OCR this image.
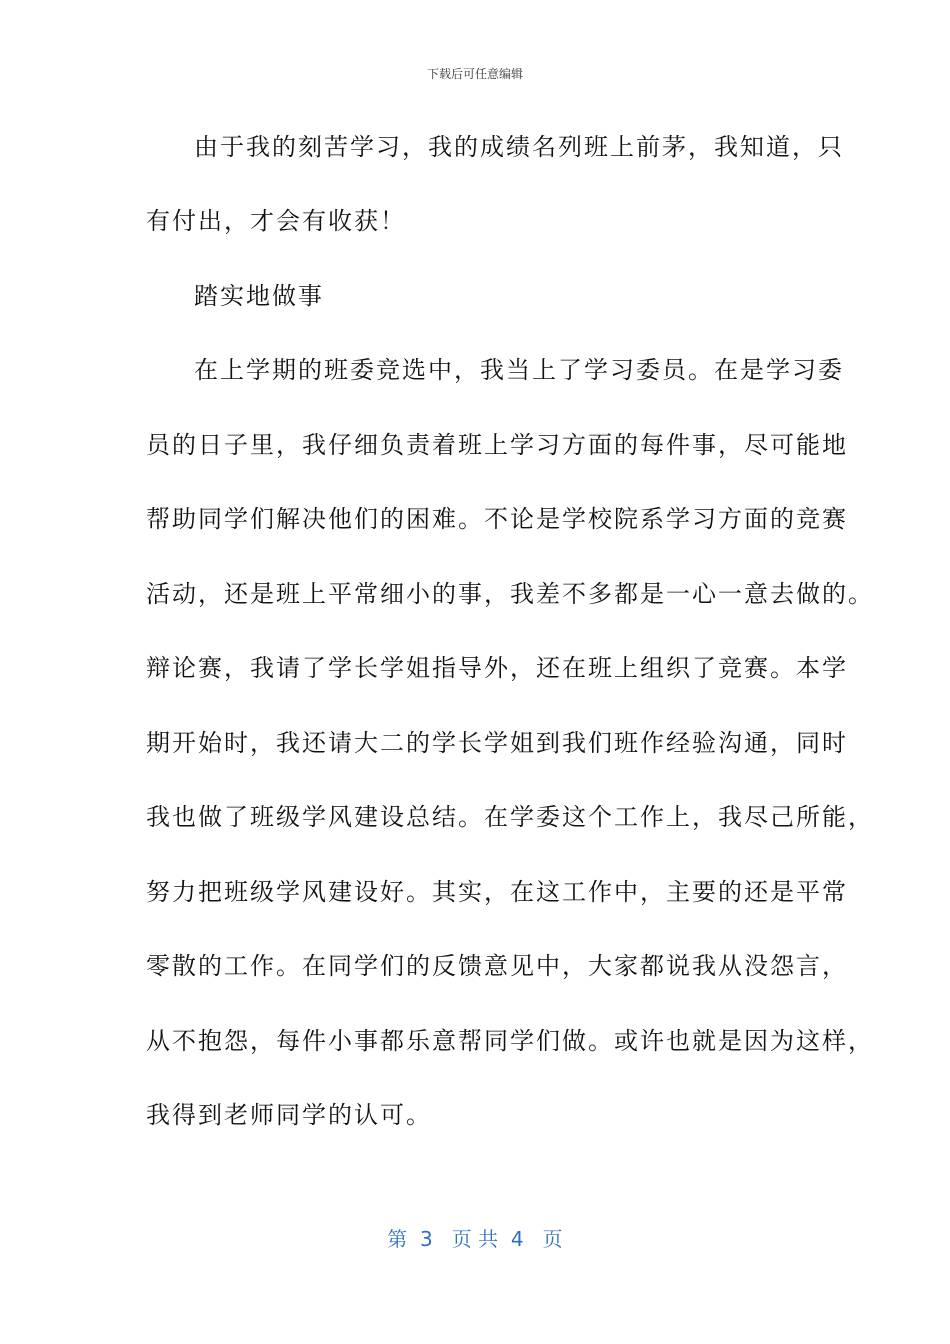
下载后可任意编辑
由于我的刻苦学习，我的成绩名列班上前茅，我知道，只
有付出，才会有收获！
踏实地做事
在上学期的班委竞选中，我当上了学习委员。在是学习委
员的日子里，我仔细负责着班上学习方面的每件事，尽可能地
帮助同学们解决他们的困难。不论是学校院系学习方面的竞赛
活动，还是班上平常细小的事，我差不多都是一心一意去做的。
辩论赛，我请了学长学姐指导外，还在班上组织了竞赛。本学
期开始时，我还请大二的学长学姐到我们班作经验沟通，同时
我也做了班级学风建设总结。在学委这个工作上，我尽己所能，
努力把班级学风建设好。其实，在这工作中，主要的还是平常
零散的工作。在同学们的反馈意见中，大家都说我从没怨言，
从不抱怨，每件小事都乐意帮同学们做。或许也就是因为这样，
我得到老师同学的认可。
第  3   页 共  4   页
